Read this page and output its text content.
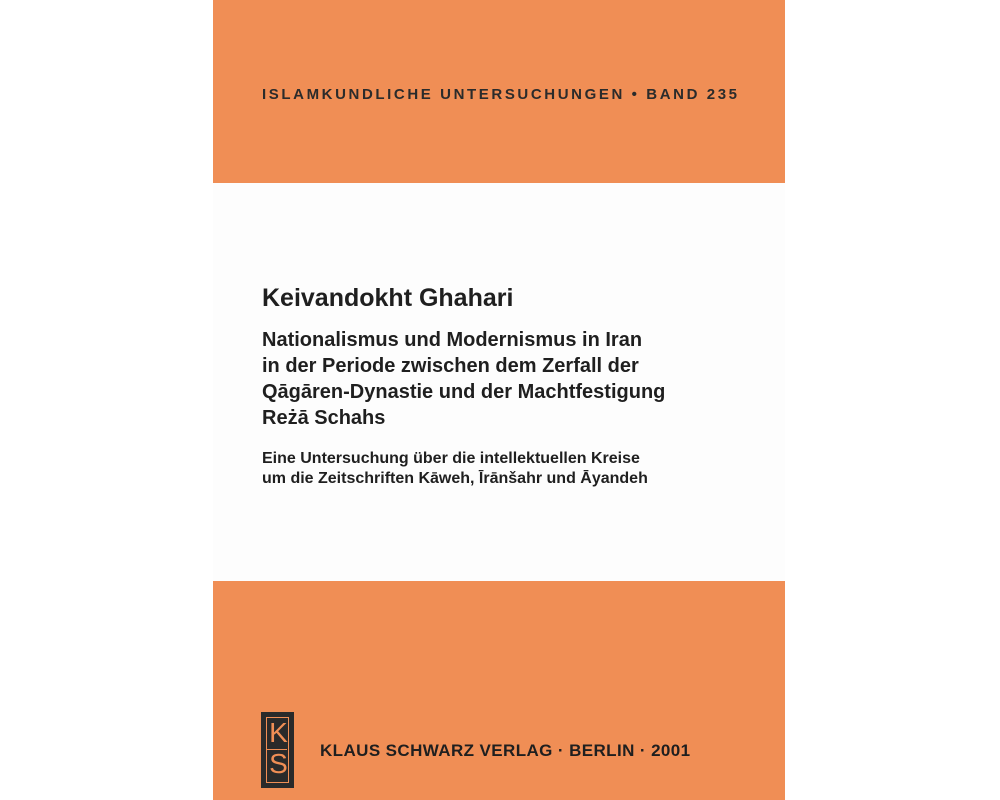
ISLAMKUNDLICHE UNTERSUCHUNGEN • BAND 235
Keivandokht Ghahari
Nationalismus und Modernismus in Iran
in der Periode zwischen dem Zerfall der
Qāgāren-Dynastie und der Machtfestigung
Reżā Schahs
Eine Untersuchung über die intellektuellen Kreise
um die Zeitschriften Kāweh, Īrānšahr und Āyandeh
K
S KLAUS SCHWARZ VERLAG · BERLIN · 2001
